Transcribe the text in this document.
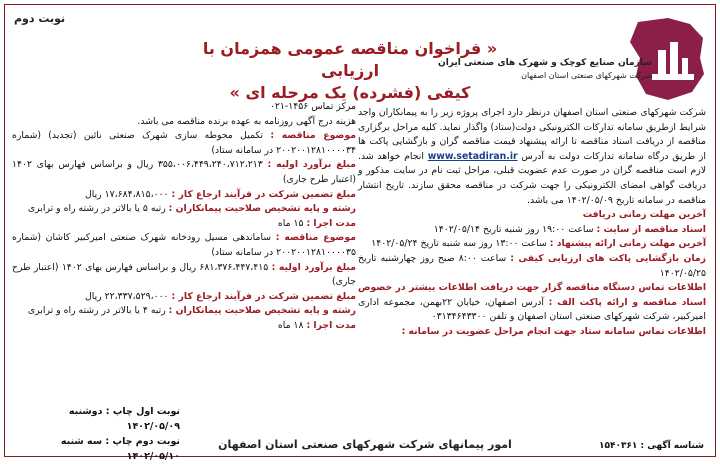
نوبت دوم
« فراخوان مناقصه عمومی همزمان با ارزیابی
کیفی (فشرده) یک مرحله ای »
سازمان صنایع کوچک و شهرک های صنعتی ایران
شرکت شهرکهای صنعتی استان اصفهان
شرکت شهرکهای صنعتی استان اصفهان درنظر دارد اجرای پروژه زیر را به پیمانکاران واجد شرایط ازطریق سامانه تدارکات الکترونیکی دولت(ستاد) واگذار نماید. کلیه مراحل برگزاری مناقصه از دریافت اسناد مناقصه تا ارائه پیشنهاد قیمت مناقصه گران و بازگشایی پاکت ها از طریق درگاه سامانه تدارکات دولت به آدرس www.setadiran.ir انجام خواهد شد. لازم است مناقصه گران در صورت عدم عضویت قبلی، مراحل ثبت نام در سایت مذکور و دریافت گواهی امضای الکترونیکی را جهت شرکت در مناقصه محقق سازند. تاریخ انتشار مناقصه در سامانه تاریخ ۱۴۰۲/۰۵/۰۹ می باشد.
آخرین مهلت زمانی دریافت
اسناد مناقصه از سایت : ساعت ۱۹:۰۰ روز شنبه تاریخ ۱۴۰۲/۰۵/۱۴
آخرین مهلت زمانی ارائه پیشنهاد : ساعت ۱۳:۰۰ روز سه شنبه تاریخ ۱۴۰۲/۰۵/۲۴
زمان بازگشایی پاکت های ارزیابی کیفی : ساعت ۸:۰۰ صبح روز چهارشنبه تاریخ ۱۴۰۲/۰۵/۲۵
اطلاعات تماس دستگاه مناقصه گزار جهت دریافت اطلاعات بیشتر در خصوص اسناد مناقصه و ارائه پاکت الف : آدرس اصفهان، خیابان ۲۲بهمن، مجموعه اداری امیرکبیر، شرکت شهرکهای صنعتی استان اصفهان و تلفن ۰۳۱۳۴۶۴۳۳۰۰
اطلاعات تماس سامانه ستاد جهت انجام مراحل عضویت در سامانه :
مرکز تماس ۱۴۵۶-۰۲۱
هزینه درج آگهی روزنامه به عهده برنده مناقصه می باشد.
موضوع مناقصه : تکمیل محوطه سازی شهرک صنعتی نائین (تجدید) (شماره ۲۰۰۲۰۰۱۲۸۱۰۰۰۰۳۴ در سامانه ستاد)
مبلغ برآورد اولیه : ۳۵۵،۰۰۶،۴۴۹،۲۴۰،۷۱۲،۲۱۳ ریال و براساس فهارس بهای ۱۴۰۲ (اعتبار طرح جاری)
مبلغ تضمین شرکت در فرآیند ارجاع کار : ۱۷،۶۸۴،۸۱۵،۰۰۰ ریال
رشته و پایه تشخیص صلاحیت پیمانکاران : رتبه ۵ یا بالاتر در رشته راه و ترابری
مدت اجرا : ۱۵ ماه
موضوع مناقصه : ساماندهی مسیل رودخانه شهرک صنعتی امیرکبیر کاشان (شماره ۲۰۰۲۰۰۱۲۸۱۰۰۰۰۳۵ در سامانه ستاد)
مبلغ برآورد اولیه : ۶۸۱،۳۷۶،۴۴۷،۴۱۵ ریال و براساس فهارس بهای ۱۴۰۲ (اعتبار طرح جاری)
مبلغ تضمین شرکت در فرآیند ارجاع کار : ۲۲،۳۳۷،۵۲۹،۰۰۰ ریال
رشته و پایه تشخیص صلاحیت پیمانکاران : رتبه ۴ یا بالاتر در رشته راه و ترابری
مدت اجرا : ۱۸ ماه
نوبت اول چاپ : دوشنبه ۱۴۰۲/۰۵/۰۹
نوبت دوم چاپ : سه شنبه ۱۴۰۲/۰۵/۱۰
شناسه آگهی : ۱۵۴۰۳۶۱
امور پیمانهای شرکت شهرکهای صنعتی استان اصفهان
